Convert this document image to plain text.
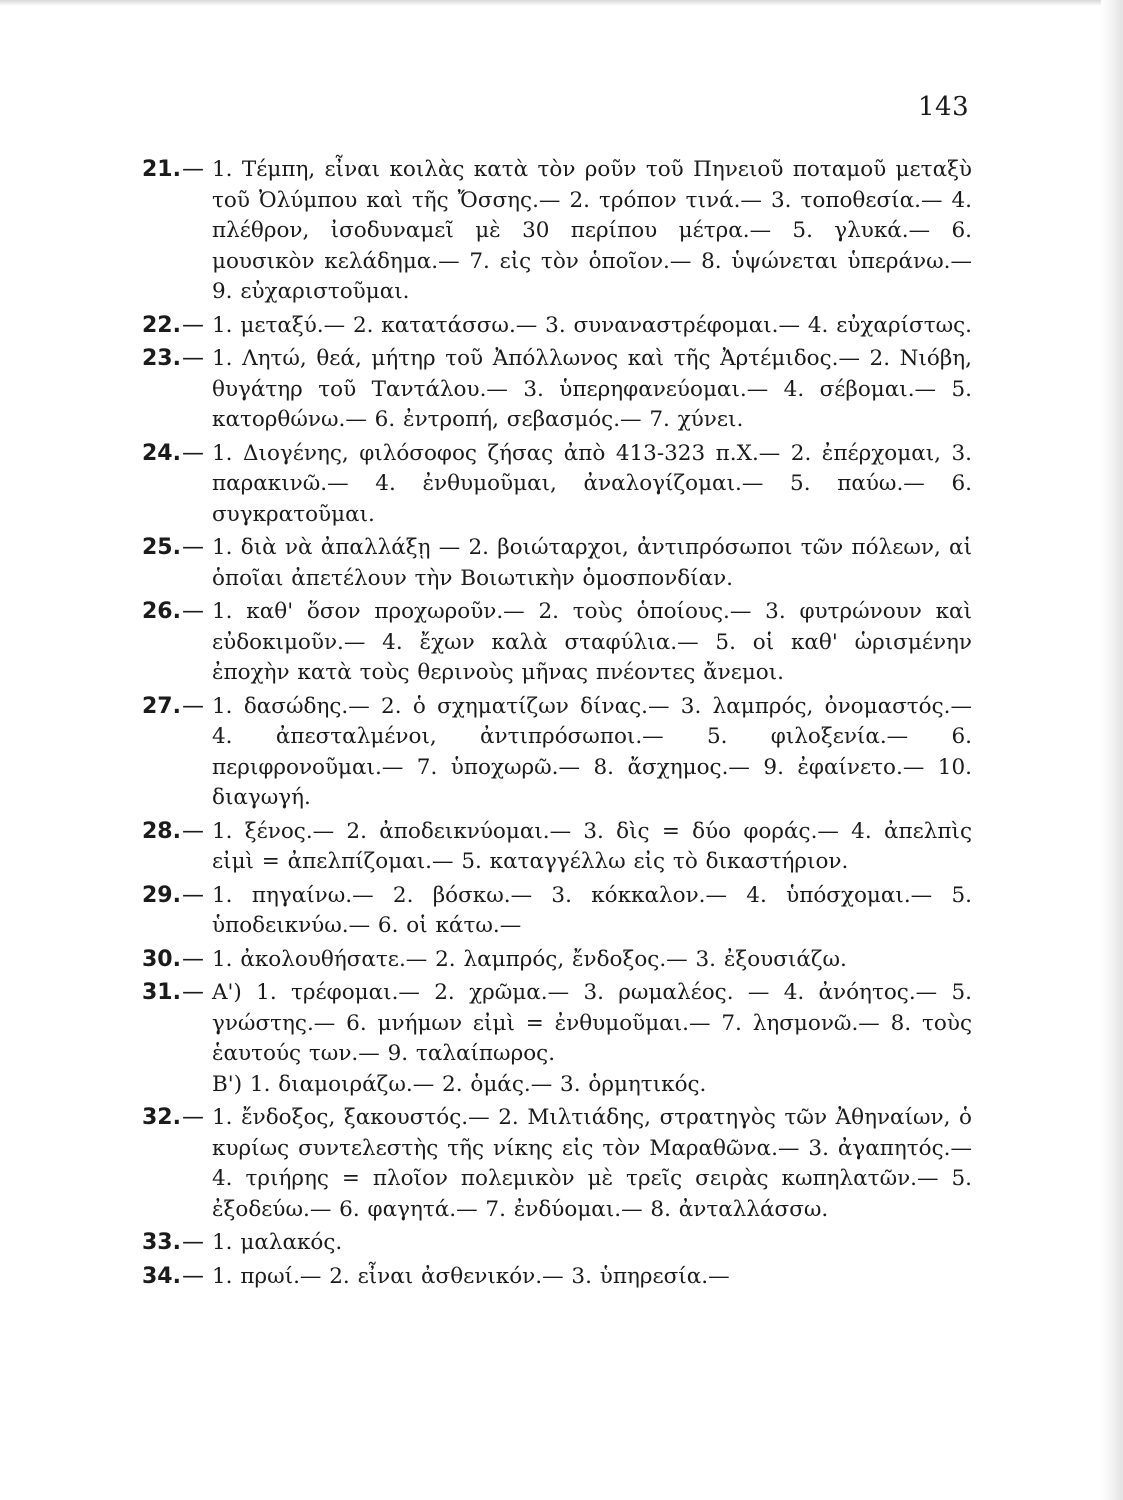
143
21. —	1. Τέμπη, εἶναι κοιλὰς κατὰ τὸν ροῦν τοῦ Πηνειοῦ ποταμοῦ μεταξὺ τοῦ Ὀλύμπου καὶ τῆς Ὄσσης.— 2. τρόπον τινά.— 3. τοποθεσία.— 4. πλέθρον, ἰσοδυναμεῖ μὲ 30 περίπου μέτρα.— 5. γλυκά.— 6. μουσικὸν κελάδημα.— 7. εἰς τὸν ὁποῖον.— 8. ὑψώνεται ὑπεράνω.— 9. εὐχαριστοῦμαι.
22. —	1. μεταξύ.— 2. κατατάσσω.— 3. συναναστρέφομαι.— 4. εὐχαρίστως.
23. —	1. Λητώ, θεά, μήτηρ τοῦ Ἀπόλλωνος καὶ τῆς Ἀρτέμιδος.— 2. Νιόβη, θυγάτηρ τοῦ Ταντάλου.— 3. ὑπερηφανεύομαι.— 4. σέβομαι.— 5. κατορθώνω.— 6. ἐντροπή, σεβασμός.— 7. χύνει.
24. —	1. Διογένης, φιλόσοφος ζήσας ἀπὸ 413-323 π.Χ.— 2. ἐπέρχομαι, 3. παρακινῶ.— 4. ἐνθυμοῦμαι, ἀναλογίζομαι.— 5. παύω.— 6. συγκρατοῦμαι.
25. —	1. διὰ νὰ ἀπαλλάξῃ — 2. βοιώταρχοι, ἀντιπρόσωποι τῶν πόλεων, αἱ ὁποῖαι ἀπετέλουν τὴν Βοιωτικὴν ὁμοσπονδίαν.
26. —	1. καθ' ὅσον προχωροῦν.— 2. τοὺς ὁποίους.— 3. φυτρώνουν καὶ εὐδοκιμοῦν.— 4. ἔχων καλὰ σταφύλια.— 5. οἱ καθ' ὡρισμένην ἐποχὴν κατὰ τοὺς θερινοὺς μῆνας πνέοντες ἄνεμοι.
27. —	1. δασώδης.— 2. ὁ σχηματίζων δίνας.— 3. λαμπρός, ὀνομαστός.— 4. ἀπεσταλμένοι, ἀντιπρόσωποι.— 5. φιλοξενία.— 6. περιφρονοῦμαι.— 7. ὑποχωρῶ.— 8. ἄσχημος.— 9. ἐφαίνετο.— 10. διαγωγή.
28. —	1. ξένος.— 2. ἀποδεικνύομαι.— 3. δὶς = δύο φοράς.— 4. ἀπελπὶς εἰμὶ = ἀπελπίζομαι.— 5. καταγγέλλω εἰς τὸ δικαστήριον.
29. —	1. πηγαίνω.— 2. βόσκω.— 3. κόκκαλον.— 4. ὑπόσχομαι.— 5. ὑποδεικνύω.— 6. οἱ κάτω.—
30. —	1. ἀκολουθήσατε.— 2. λαμπρός, ἔνδοξος.— 3. ἐξουσιάζω.
31. —	Α') 1. τρέφομαι.— 2. χρῶμα.— 3. ρωμαλέος. — 4. ἀνόητος.— 5. γνώστης.— 6. μνήμων εἰμὶ = ἐνθυμοῦμαι.— 7. λησμονῶ.— 8. τοὺς ἑαυτούς των.— 9. ταλαίπωρος.
Β') 1. διαμοιράζω.— 2. ὁμάς.— 3. ὁρμητικός.
32. —	1. ἔνδοξος, ξακουστός.— 2. Μιλτιάδης, στρατηγὸς τῶν Ἀθηναίων, ὁ κυρίως συντελεστὴς τῆς νίκης εἰς τὸν Μαραθῶνα.— 3. ἀγαπητός.— 4. τριήρης = πλοῖον πολεμικὸν μὲ τρεῖς σειρὰς κωπηλατῶν.— 5. ἐξοδεύω.— 6. φαγητά.— 7. ἐνδύομαι.— 8. ἀνταλλάσσω.
33. —	1. μαλακός.
34. —	1. πρωί.— 2. εἶναι ἀσθενικόν.— 3. ὑπηρεσία.—
